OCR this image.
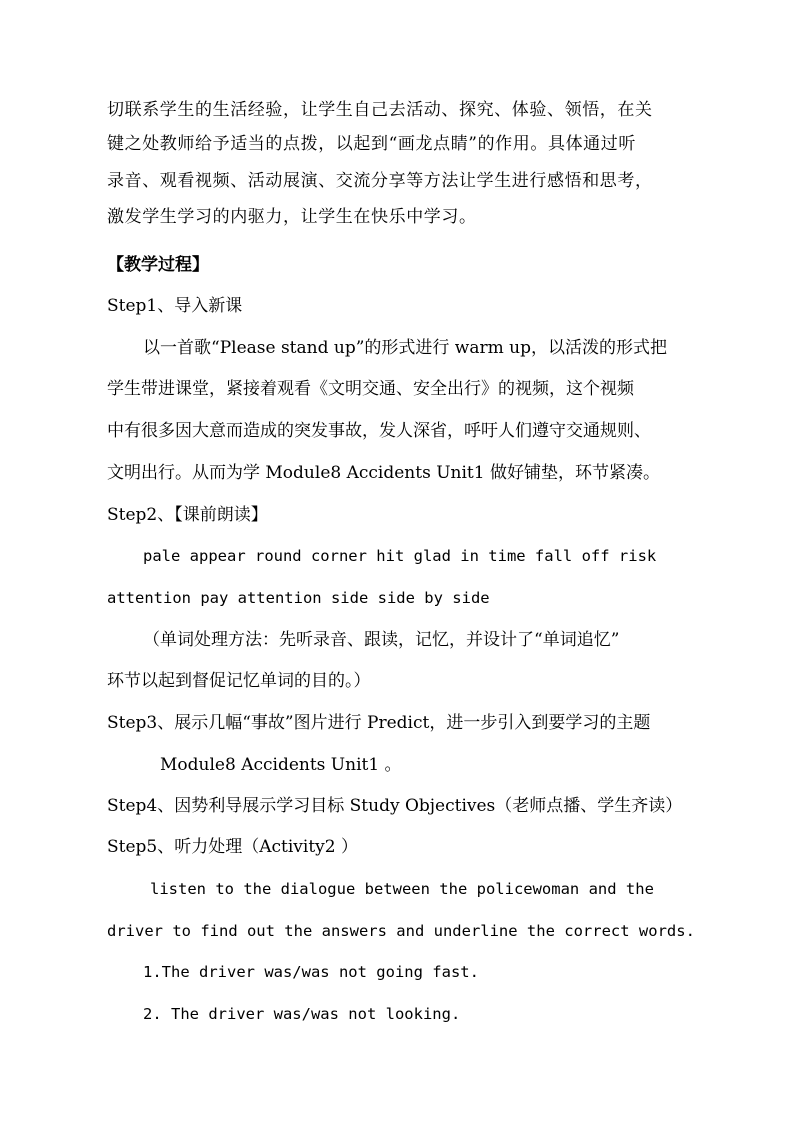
切联系学生的生活经验，让学生自己去活动、探究、体验、领悟，在关
键之处教师给予适当的点拨，以起到“画龙点睛”的作用。具体通过听
录音、观看视频、活动展演、交流分享等方法让学生进行感悟和思考，
激发学生学习的内驱力，让学生在快乐中学习。
【教学过程】
Step1、导入新课
以一首歌“Please stand up”的形式进行 warm up，以活泼的形式把
学生带进课堂，紧接着观看《文明交通、安全出行》的视频，这个视频
中有很多因大意而造成的突发事故，发人深省，呼吁人们遵守交通规则、
文明出行。从而为学 Module8 Accidents Unit1 做好铺垫，环节紧凑。
Step2、【课前朗读】
pale appear round corner hit glad in time fall off risk
attention pay attention side side by side
（单词处理方法：先听录音、跟读，记忆，并设计了“单词追忆”
环节以起到督促记忆单词的目的。）
Step3、展示几幅“事故”图片进行 Predict，进一步引入到要学习的主题
Module8 Accidents Unit1 。
Step4、因势利导展示学习目标 Study Objectives（老师点播、学生齐读）
Step5、听力处理（Activity2 ）
listen to the dialogue between the policewoman and the
driver to find out the answers and underline the correct words.
1.The driver was/was not going fast.
2. The driver was/was not looking.
